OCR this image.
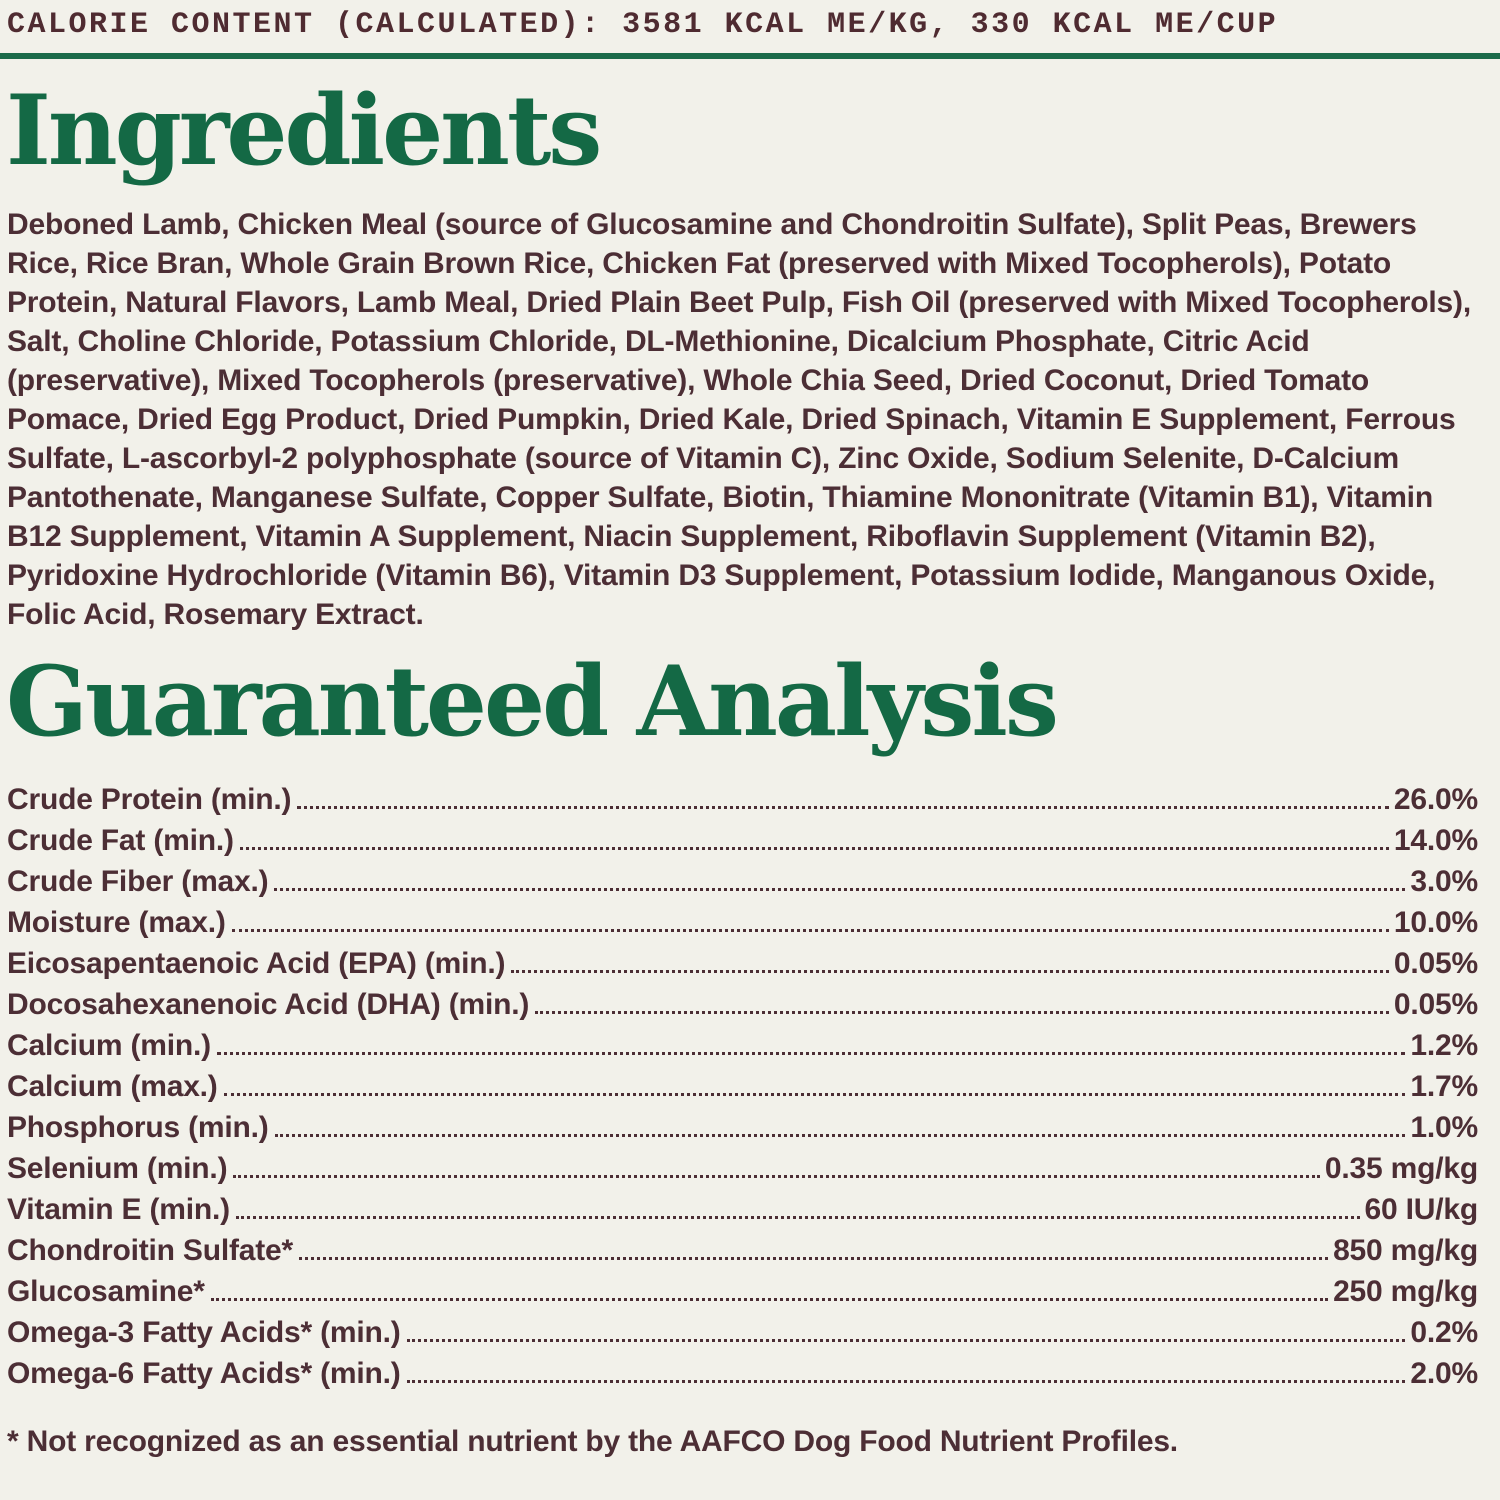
CALORIE CONTENT (CALCULATED): 3581 KCAL ME/KG, 330 KCAL ME/CUP
Ingredients

Deboned Lamb, Chicken Meal (source of Glucosamine and Chondroitin Sulfate), Split Peas, Brewers Rice, Rice Bran, Whole Grain Brown Rice, Chicken Fat (preserved with Mixed Tocopherols), Potato Protein, Natural Flavors, Lamb Meal, Dried Plain Beet Pulp, Fish Oil (preserved with Mixed Tocopherols), Salt, Choline Chloride, Potassium Chloride, DL-Methionine, Dicalcium Phosphate, Citric Acid (preservative), Mixed Tocopherols (preservative), Whole Chia Seed, Dried Coconut, Dried Tomato Pomace, Dried Egg Product, Dried Pumpkin, Dried Kale, Dried Spinach, Vitamin E Supplement, Ferrous Sulfate, L-ascorbyl-2 polyphosphate (source of Vitamin C), Zinc Oxide, Sodium Selenite, D-Calcium Pantothenate, Manganese Sulfate, Copper Sulfate, Biotin, Thiamine Mononitrate (Vitamin B1), Vitamin B12 Supplement, Vitamin A Supplement, Niacin Supplement, Riboflavin Supplement (Vitamin B2), Pyridoxine Hydrochloride (Vitamin B6), Vitamin D3 Supplement, Potassium Iodide, Manganous Oxide, Folic Acid, Rosemary Extract.

Guaranteed Analysis
Crude Protein (min.)	26.0%
Crude Fat (min.)	14.0%
Crude Fiber (max.)	3.0%
Moisture (max.)	10.0%
Eicosapentaenoic Acid (EPA) (min.)	0.05%
Docosahexanenoic Acid (DHA) (min.)	0.05%
Calcium (min.)	1.2%
Calcium (max.)	1.7%
Phosphorus (min.)	1.0%
Selenium (min.)	0.35 mg/kg
Vitamin E (min.)	60 IU/kg
Chondroitin Sulfate*	850 mg/kg
Glucosamine*	250 mg/kg
Omega-3 Fatty Acids* (min.)	0.2%
Omega-6 Fatty Acids* (min.)	2.0%

* Not recognized as an essential nutrient by the AAFCO Dog Food Nutrient Profiles.
